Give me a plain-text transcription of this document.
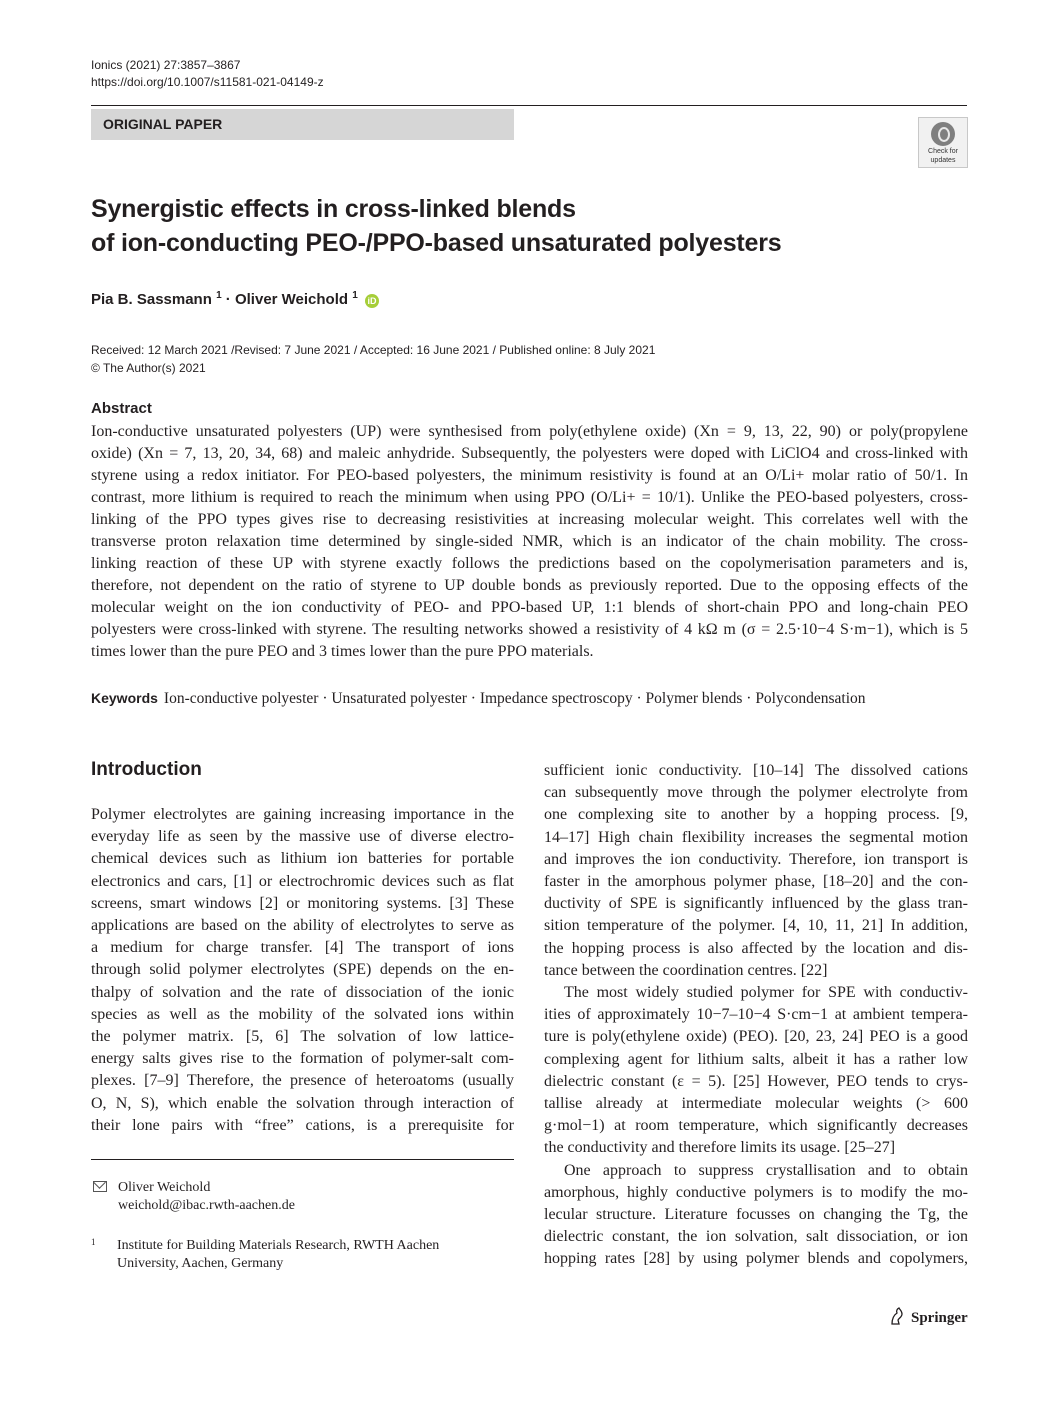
Ionics (2021) 27:3857–3867
https://doi.org/10.1007/s11581-021-04149-z
ORIGINAL PAPER
Check for
updates
Synergistic effects in cross-linked blends
of ion-conducting PEO-/PPO-based unsaturated polyesters
Pia B. Sassmann $^1$ · Oliver Weichold $^1$ iD
Received: 12 March 2021 /Revised: 7 June 2021 / Accepted: 16 June 2021 / Published online: 8 July 2021
© The Author(s) 2021
Abstract
Ion-conductive unsaturated polyesters (UP) were synthesised from poly(ethylene oxide) (Xn = 9, 13, 22, 90) or poly(propylene
oxide) (Xn = 7, 13, 20, 34, 68) and maleic anhydride. Subsequently, the polyesters were doped with LiClO4 and cross-linked with
styrene using a redox initiator. For PEO-based polyesters, the minimum resistivity is found at an O/Li+ molar ratio of 50/1. In
contrast, more lithium is required to reach the minimum when using PPO (O/Li+ = 10/1). Unlike the PEO-based polyesters, cross-
linking of the PPO types gives rise to decreasing resistivities at increasing molecular weight. This correlates well with the
transverse proton relaxation time determined by single-sided NMR, which is an indicator of the chain mobility. The cross-
linking reaction of these UP with styrene exactly follows the predictions based on the copolymerisation parameters and is,
therefore, not dependent on the ratio of styrene to UP double bonds as previously reported. Due to the opposing effects of the
molecular weight on the ion conductivity of PEO- and PPO-based UP, 1:1 blends of short-chain PPO and long-chain PEO
polyesters were cross-linked with styrene. The resulting networks showed a resistivity of 4 kΩ m (σ = 2.5·10−4 S·m−1), which is 5
times lower than the pure PEO and 3 times lower than the pure PPO materials.
Keywords Ion-conductive polyester · Unsaturated polyester · Impedance spectroscopy · Polymer blends · Polycondensation
Introduction
Polymer electrolytes are gaining increasing importance in the
everyday life as seen by the massive use of diverse electro-
chemical devices such as lithium ion batteries for portable
electronics and cars, [1] or electrochromic devices such as flat
screens, smart windows [2] or monitoring systems. [3] These
applications are based on the ability of electrolytes to serve as
a medium for charge transfer. [4] The transport of ions
through solid polymer electrolytes (SPE) depends on the en-
thalpy of solvation and the rate of dissociation of the ionic
species as well as the mobility of the solvated ions within
the polymer matrix. [5, 6] The solvation of low lattice-
energy salts gives rise to the formation of polymer-salt com-
plexes. [7–9] Therefore, the presence of heteroatoms (usually
O, N, S), which enable the solvation through interaction of
their lone pairs with “free” cations, is a prerequisite for
sufficient ionic conductivity. [10–14] The dissolved cations
can subsequently move through the polymer electrolyte from
one complexing site to another by a hopping process. [9,
14–17] High chain flexibility increases the segmental motion
and improves the ion conductivity. Therefore, ion transport is
faster in the amorphous polymer phase, [18–20] and the con-
ductivity of SPE is significantly influenced by the glass tran-
sition temperature of the polymer. [4, 10, 11, 21] In addition,
the hopping process is also affected by the location and dis-
tance between the coordination centres. [22]
The most widely studied polymer for SPE with conductiv-
ities of approximately 10−7–10−4 S·cm−1 at ambient tempera-
ture is poly(ethylene oxide) (PEO). [20, 23, 24] PEO is a good
complexing agent for lithium salts, albeit it has a rather low
dielectric constant (ε = 5). [25] However, PEO tends to crys-
tallise already at intermediate molecular weights (> 600
g·mol−1) at room temperature, which significantly decreases
the conductivity and therefore limits its usage. [25–27]
One approach to suppress crystallisation and to obtain
amorphous, highly conductive polymers is to modify the mo-
lecular structure. Literature focusses on changing the Tg, the
dielectric constant, the ion solvation, salt dissociation, or ion
hopping rates [28] by using polymer blends and copolymers,
Oliver Weichold
weichold@ibac.rwth-aachen.de
1 Institute for Building Materials Research, RWTH Aachen
University, Aachen, Germany
Springer
